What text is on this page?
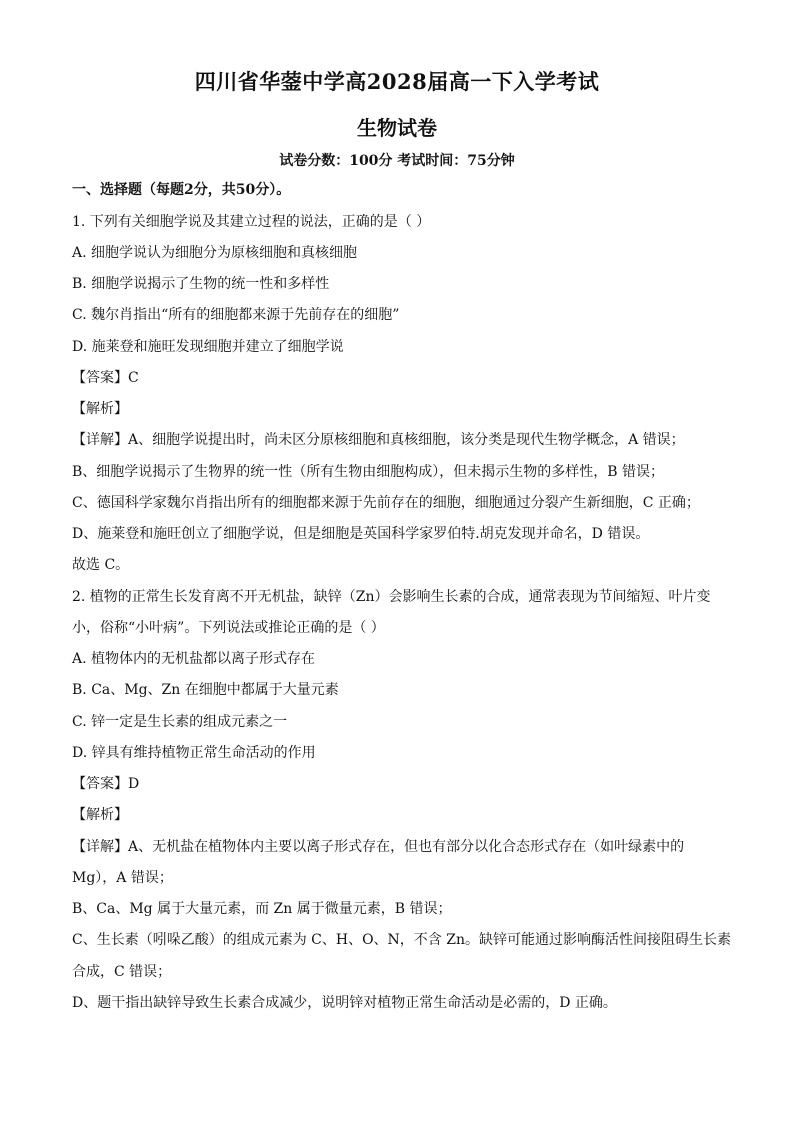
四川省华蓥中学高2028届高一下入学考试
生物试卷
试卷分数：100分 考试时间：75分钟
一、选择题（每题2分，共50分）。
1. 下列有关细胞学说及其建立过程的说法，正确的是（ ）
A. 细胞学说认为细胞分为原核细胞和真核细胞
B. 细胞学说揭示了生物的统一性和多样性
C. 魏尔肖指出“所有的细胞都来源于先前存在的细胞”
D. 施莱登和施旺发现细胞并建立了细胞学说
【答案】C
【解析】
【详解】A、细胞学说提出时，尚未区分原核细胞和真核细胞，该分类是现代生物学概念，A 错误；
B、细胞学说揭示了生物界的统一性（所有生物由细胞构成），但未揭示生物的多样性，B 错误；
C、德国科学家魏尔肖指出所有的细胞都来源于先前存在的细胞，细胞通过分裂产生新细胞，C 正确；
D、施莱登和施旺创立了细胞学说，但是细胞是英国科学家罗伯特.胡克发现并命名，D 错误。
故选 C。
2. 植物的正常生长发育离不开无机盐，缺锌（Zn）会影响生长素的合成，通常表现为节间缩短、叶片变
小，俗称“小叶病”。下列说法或推论正确的是（ ）
A. 植物体内的无机盐都以离子形式存在
B. Ca、Mg、Zn 在细胞中都属于大量元素
C. 锌一定是生长素的组成元素之一
D. 锌具有维持植物正常生命活动的作用
【答案】D
【解析】
【详解】A、无机盐在植物体内主要以离子形式存在，但也有部分以化合态形式存在（如叶绿素中的
Mg），A 错误；
B、Ca、Mg 属于大量元素，而 Zn 属于微量元素，B 错误；
C、生长素（吲哚乙酸）的组成元素为 C、H、O、N，不含 Zn。缺锌可能通过影响酶活性间接阻碍生长素
合成，C 错误；
D、题干指出缺锌导致生长素合成减少，说明锌对植物正常生命活动是必需的，D 正确。
